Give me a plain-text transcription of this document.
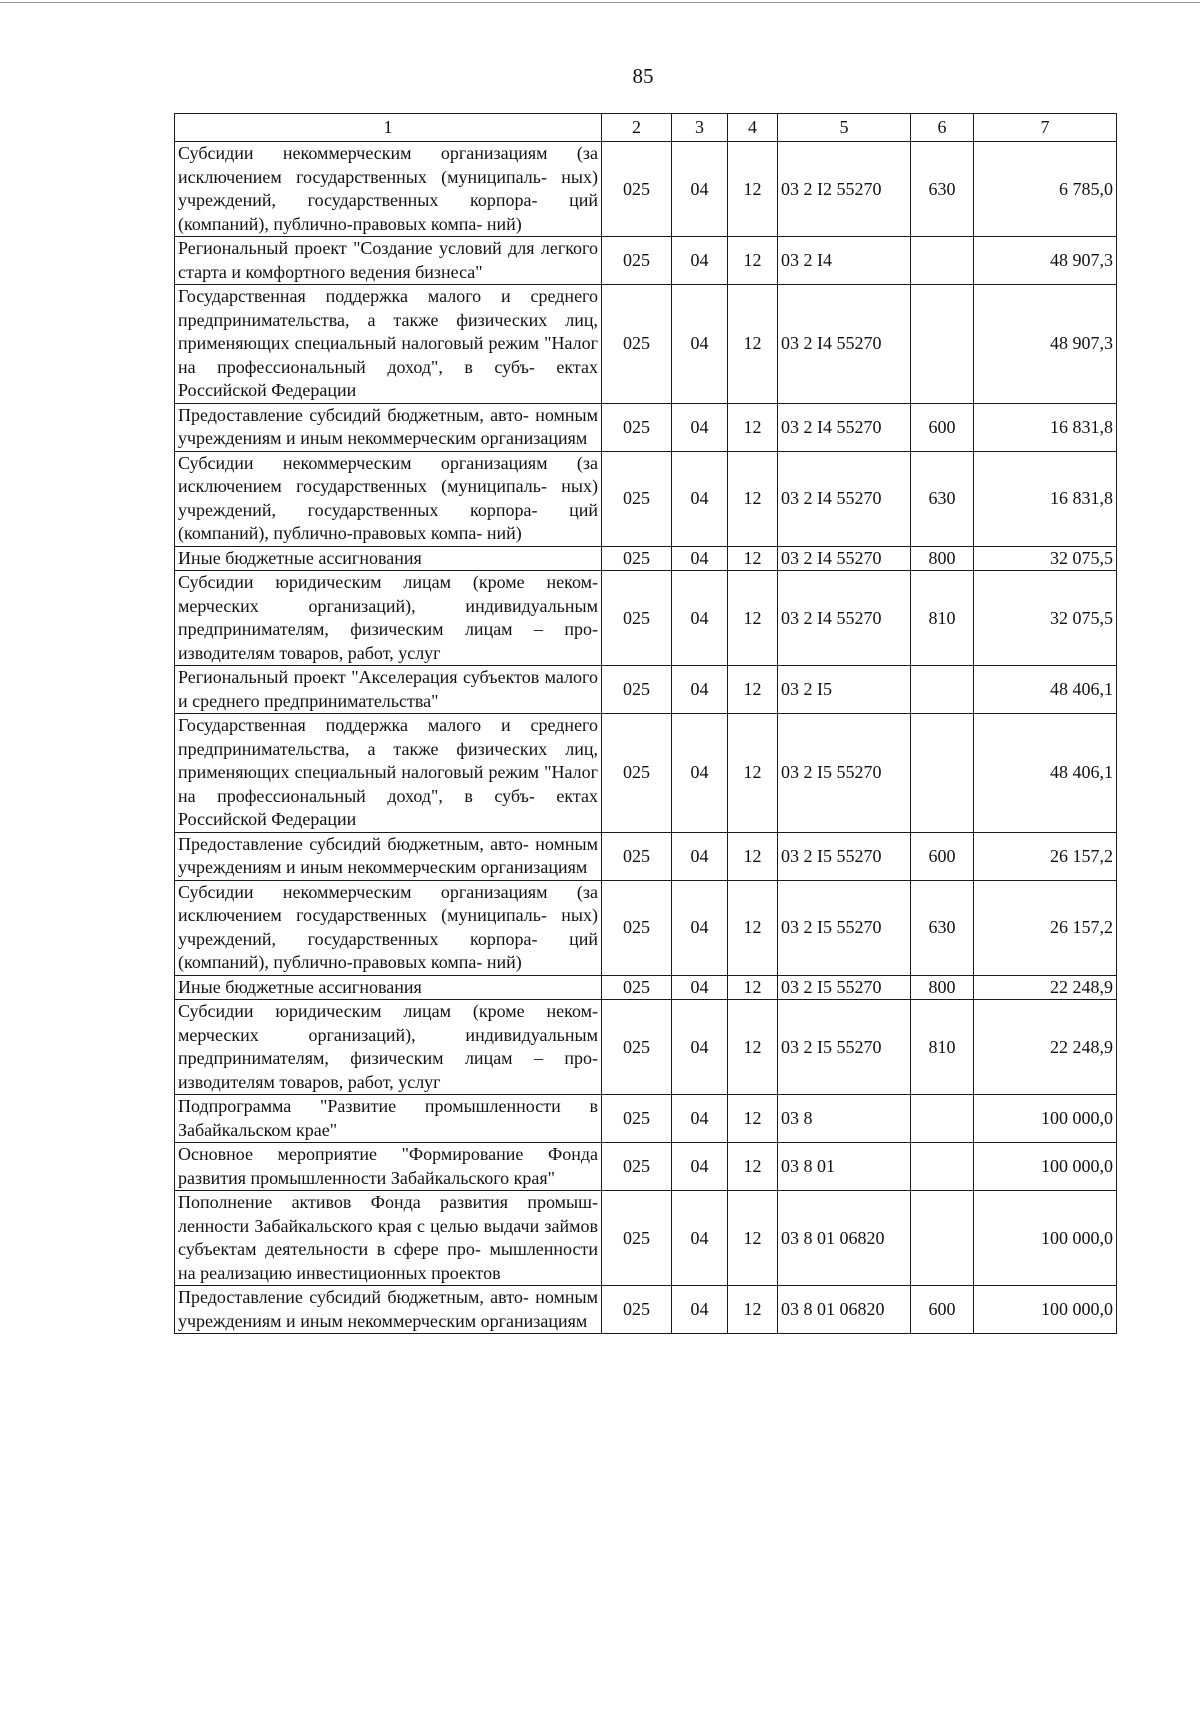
85
1	2	3	4	5	6	7
Субсидии некоммерческим организациям (за исключением государственных (муниципаль- ных) учреждений, государственных корпора- ций (компаний), публично-правовых компа- ний)	025	04	12	03 2 I2 55270	630	6 785,0
Региональный проект "Создание условий для легкого старта и комфортного ведения бизнеса"	025	04	12	03 2 I4		48 907,3
Государственная поддержка малого и среднего предпринимательства, а также физических лиц, применяющих специальный налоговый режим "Налог на профессиональный доход", в субъ- ектах Российской Федерации	025	04	12	03 2 I4 55270		48 907,3
Предоставление субсидий бюджетным, авто- номным учреждениям и иным некоммерческим организациям	025	04	12	03 2 I4 55270	600	16 831,8
Субсидии некоммерческим организациям (за исключением государственных (муниципаль- ных) учреждений, государственных корпора- ций (компаний), публично-правовых компа- ний)	025	04	12	03 2 I4 55270	630	16 831,8
Иные бюджетные ассигнования	025	04	12	03 2 I4 55270	800	32 075,5
Субсидии юридическим лицам (кроме неком- мерческих организаций), индивидуальным предпринимателям, физическим лицам – про- изводителям товаров, работ, услуг	025	04	12	03 2 I4 55270	810	32 075,5
Региональный проект "Акселерация субъектов малого и среднего предпринимательства"	025	04	12	03 2 I5		48 406,1
Государственная поддержка малого и среднего предпринимательства, а также физических лиц, применяющих специальный налоговый режим "Налог на профессиональный доход", в субъ- ектах Российской Федерации	025	04	12	03 2 I5 55270		48 406,1
Предоставление субсидий бюджетным, авто- номным учреждениям и иным некоммерческим организациям	025	04	12	03 2 I5 55270	600	26 157,2
Субсидии некоммерческим организациям (за исключением государственных (муниципаль- ных) учреждений, государственных корпора- ций (компаний), публично-правовых компа- ний)	025	04	12	03 2 I5 55270	630	26 157,2
Иные бюджетные ассигнования	025	04	12	03 2 I5 55270	800	22 248,9
Субсидии юридическим лицам (кроме неком- мерческих организаций), индивидуальным предпринимателям, физическим лицам – про- изводителям товаров, работ, услуг	025	04	12	03 2 I5 55270	810	22 248,9
Подпрограмма "Развитие промышленности в Забайкальском крае"	025	04	12	03 8		100 000,0
Основное мероприятие "Формирование Фонда развития промышленности Забайкальского края"	025	04	12	03 8 01		100 000,0
Пополнение активов Фонда развития промыш- ленности Забайкальского края с целью выдачи займов субъектам деятельности в сфере про- мышленности на реализацию инвестиционных проектов	025	04	12	03 8 01 06820		100 000,0
Предоставление субсидий бюджетным, авто- номным учреждениям и иным некоммерческим организациям	025	04	12	03 8 01 06820	600	100 000,0
